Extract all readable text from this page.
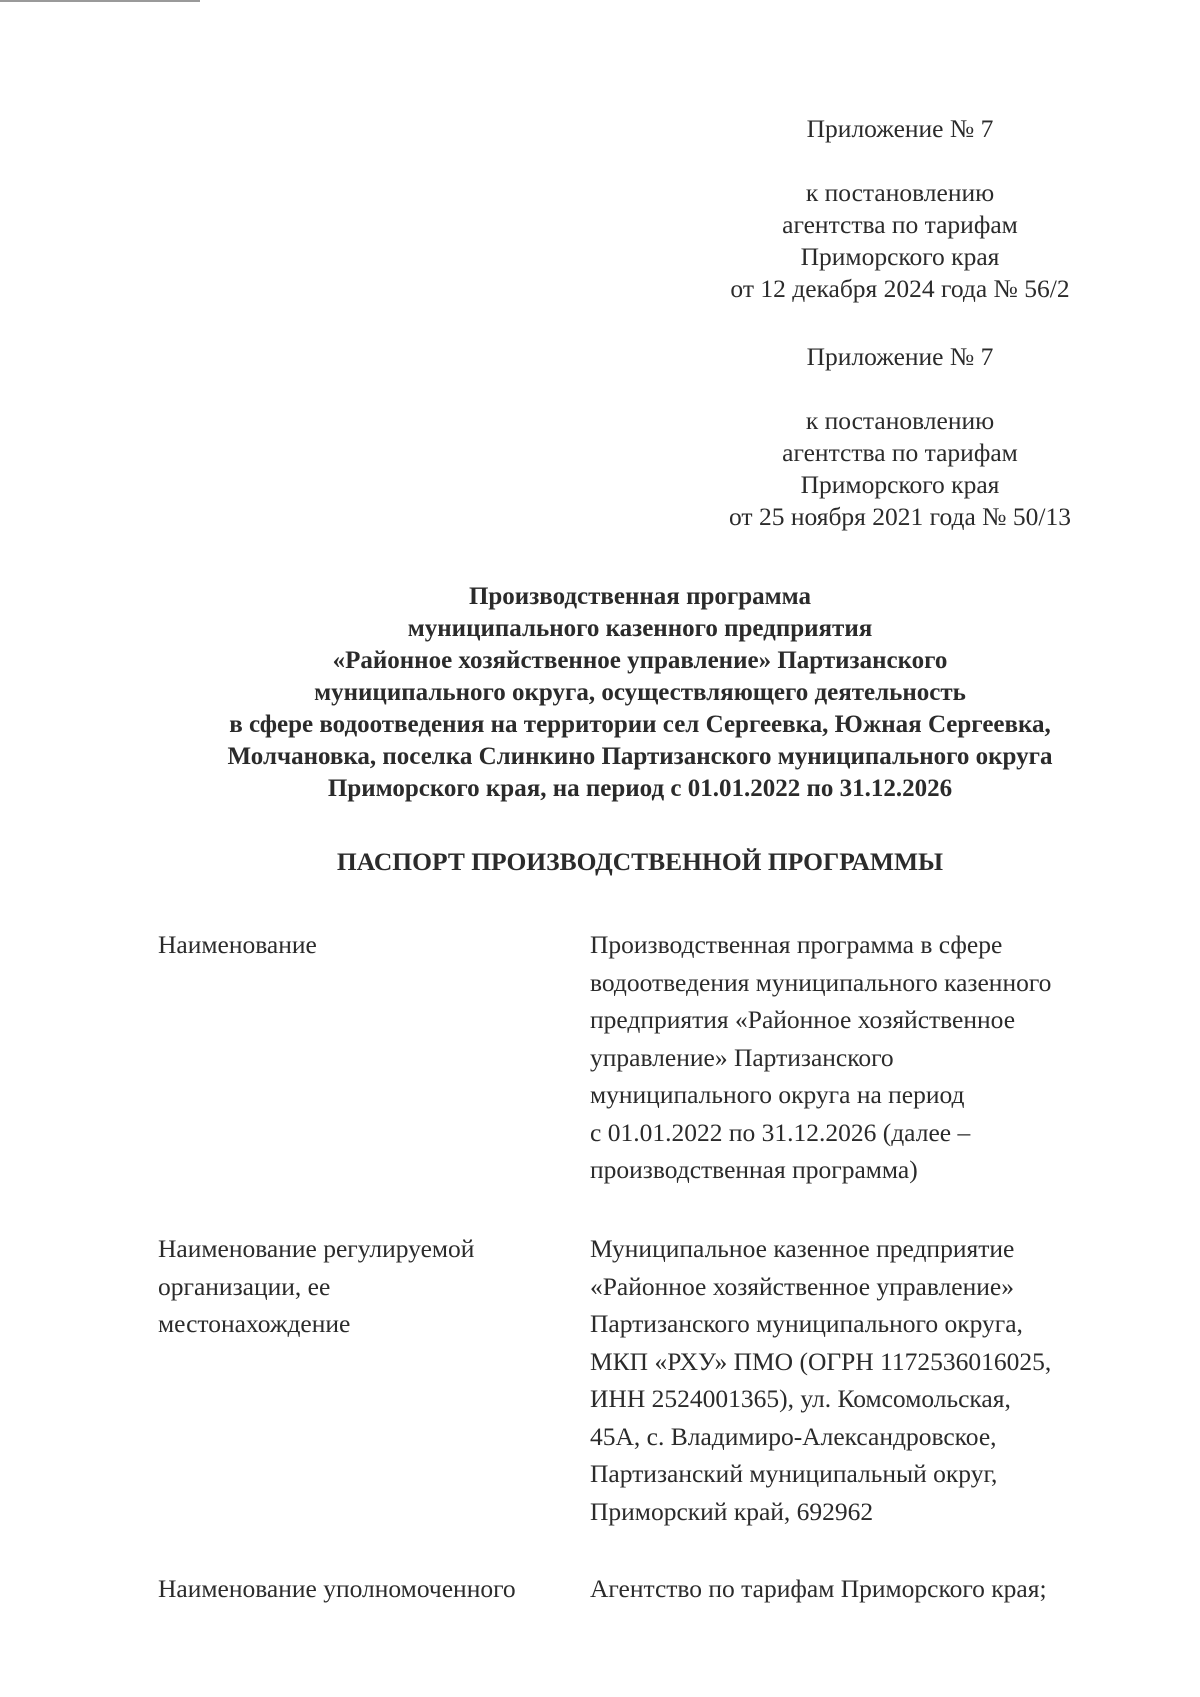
Приложение № 7
к постановлению
агентства по тарифам
Приморского края
от 12 декабря 2024 года № 56/2
Приложение № 7
к постановлению
агентства по тарифам
Приморского края
от 25 ноября 2021 года № 50/13
Производственная программа
муниципального казенного предприятия
«Районное хозяйственное управление» Партизанского
муниципального округа, осуществляющего деятельность
в сфере водоотведения на территории сел Сергеевка, Южная Сергеевка,
Молчановка, поселка Слинкино Партизанского муниципального округа
Приморского края, на период с 01.01.2022 по 31.12.2026
ПАСПОРТ ПРОИЗВОДСТВЕННОЙ ПРОГРАММЫ
Наименование	Производственная программа в сфере
водоотведения муниципального казенного
предприятия «Районное хозяйственное
управление» Партизанского
муниципального округа на период
с 01.01.2022 по 31.12.2026 (далее –
производственная программа)
Наименование регулируемой
организации, ее
местонахождение
Муниципальное казенное предприятие
«Районное хозяйственное управление»
Партизанского муниципального округа,
МКП «РХУ» ПМО (ОГРН 1172536016025,
ИНН 2524001365), ул. Комсомольская,
45А, с. Владимиро-Александровское,
Партизанский муниципальный округ,
Приморский край, 692962
Наименование уполномоченного	Агентство по тарифам Приморского края;
